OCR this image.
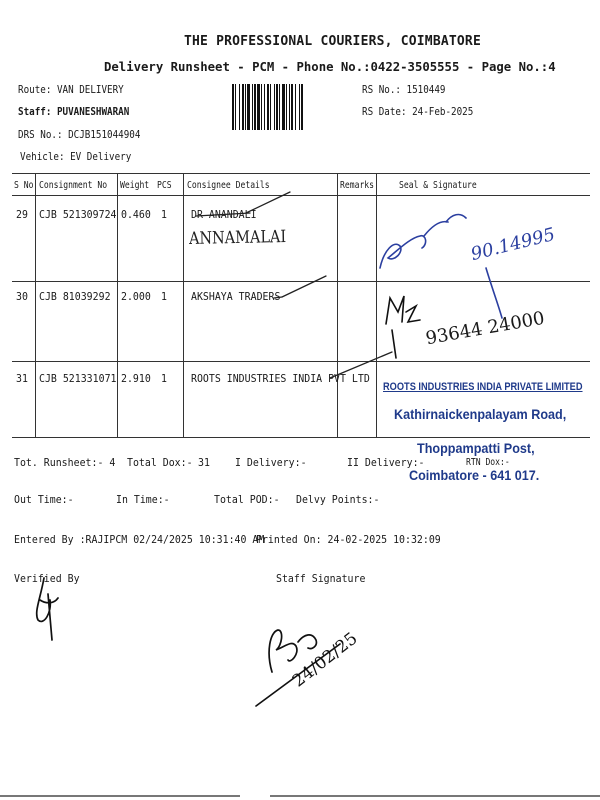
THE PROFESSIONAL COURIERS, COIMBATORE
Delivery Runsheet - PCM - Phone No.:0422-3505555 - Page No.:4
Route: VAN DELIVERY
Staff: PUVANESHWARAN
DRS No.: DCJB151044904
Vehicle: EV Delivery
RS No.: 1510449
RS Date: 24-Feb-2025
S No Consignment No Weight PCS Consignee Details	Remarks	Seal & Signature
29 CJB 521309724 0.460 1 DR ANANDALI
ANNAMALAI	90.14995
30 CJB 81039292 2.000 1 AKSHAYA TRADERS
93644 24000
31 CJB 521331071 2.910 1 ROOTS INDUSTRIES INDIA PVT LTD
ROOTS INDUSTRIES INDIA PRIVATE LIMITED
Kathirnaickenpalayam Road,
Thoppampatti Post,
Coimbatore - 641 017.
Tot. Runsheet:- 4 Total Dox:- 31 I Delivery:-	II Delivery:-	RTN Dox:-
Out Time:-	In Time:-	Total POD:- Delvy Points:-
Entered By :RAJIPCM 02/24/2025 10:31:40 AM
Printed On: 24-02-2025 10:32:09
Verified By	Staff Signature
24/02/25
